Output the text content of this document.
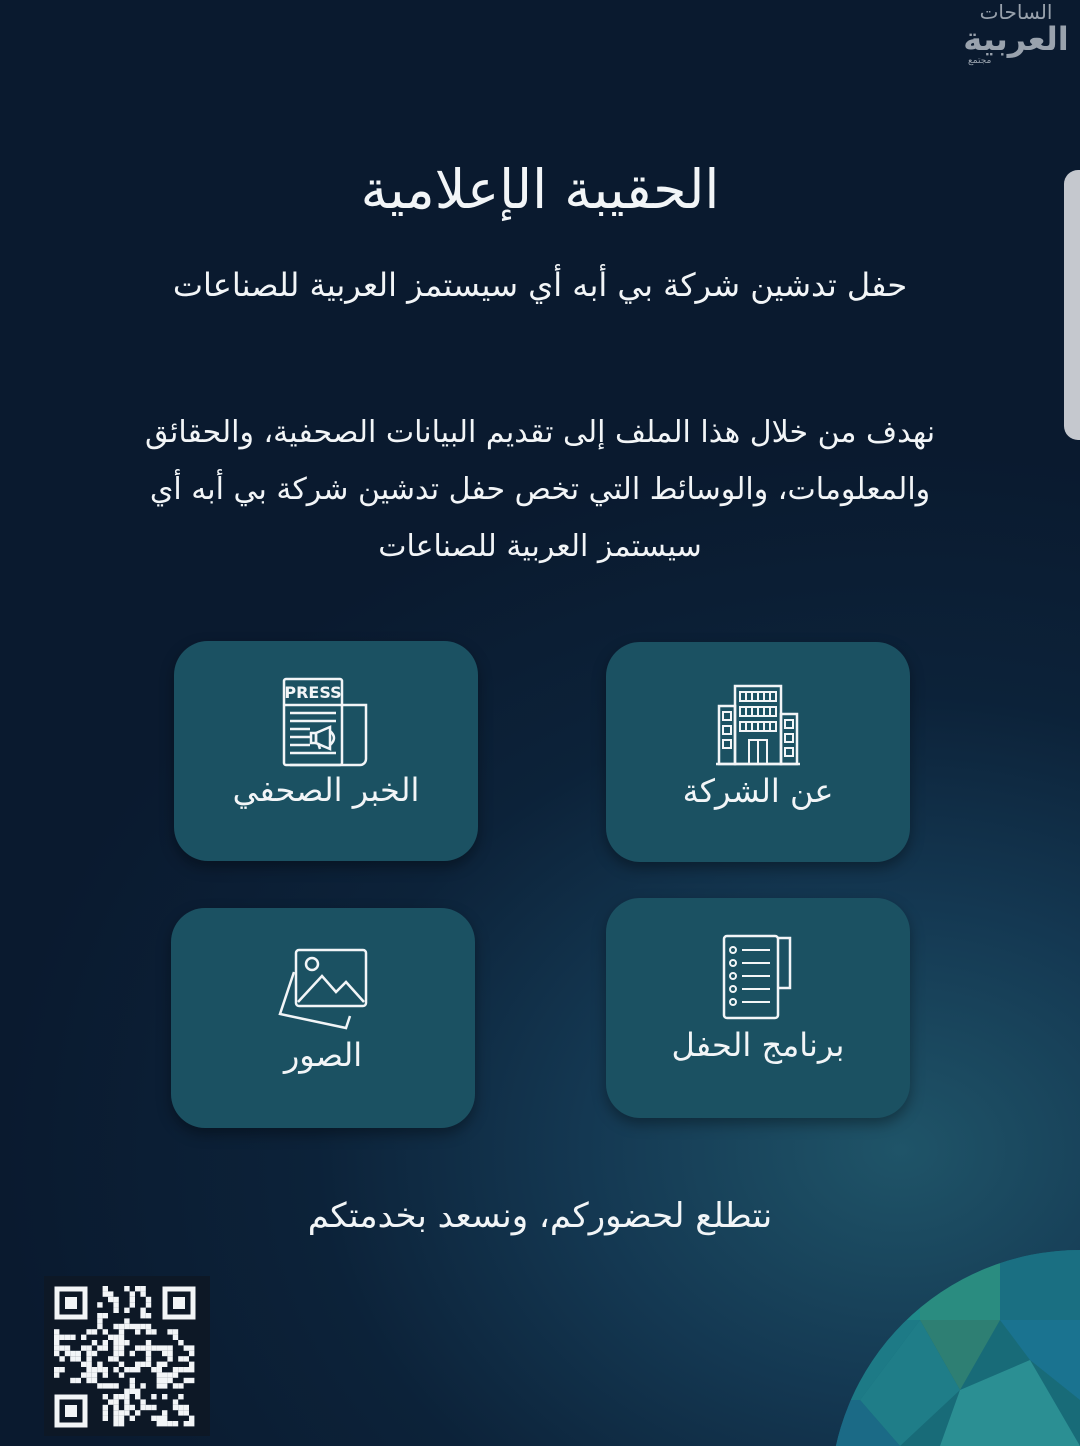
الساحات
العربية
مجتمع
الحقيبة الإعلامية

حفل تدشين شركة بي أبه أي سيستمز العربية للصناعات

نهدف من خلال هذا الملف إلى تقديم البيانات الصحفية، والحقائق والمعلومات، والوسائط التي تخص حفل تدشين شركة بي أبه أي سيستمز العربية للصناعات

عن الشركة
PRESS
الخبر الصحفي
برنامج الحفل
الصور

نتطلع لحضوركم، ونسعد بخدمتكم
